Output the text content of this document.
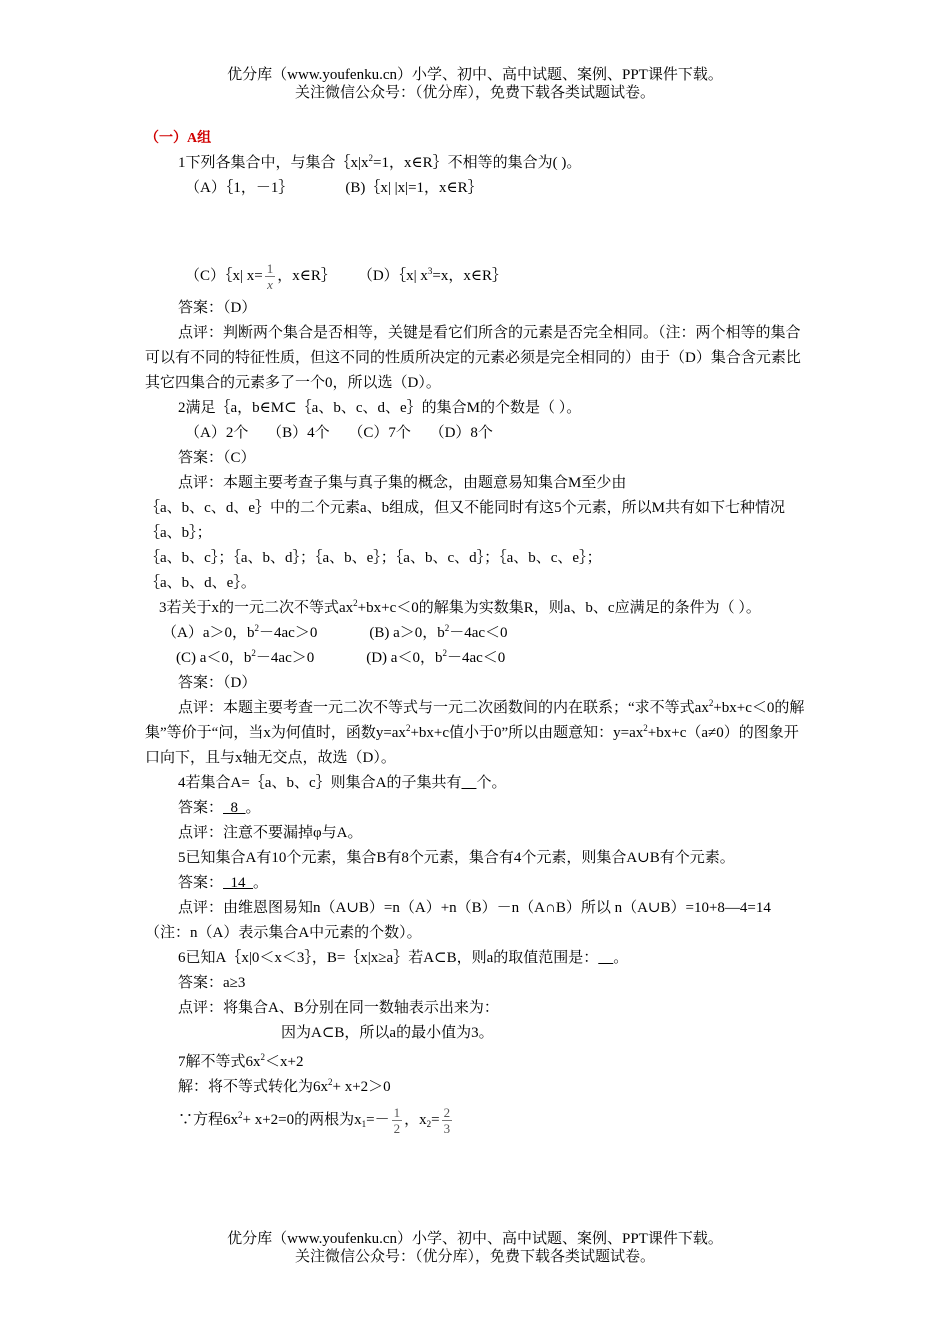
优分库（www.youfenku.cn）小学、初中、高中试题、案例、PPT课件下载。
关注微信公众号：（优分库），免费下载各类试题试卷。

（一）A组

1下列各集合中，与集合$\{x|x^2=1$，x∈R｝不相等的集合为( )。

（A）｛1，－1｝	(B)｛x| |x|=1，x∈R｝

（C）｛x| $x= \frac{1}{x}$ ，x∈R｝ （D）｛x| $x^3=x$，x∈R｝

答案：（D）

点评：判断两个集合是否相等，关键是看它们所含的元素是否完全相同。（注：两个相等的集合可以有不同的特征性质，但这不同的性质所决定的元素必须是完全相同的）由于（D）集合含元素比其它四集合的元素多了一个0，所以选（D）。

2满足｛a，b∈M⊂｛a、b、c、d、e｝的集合M的个数是（ ）。

（A）2个     （B）4个     （C）7个     （D）8个

答案：（C）

点评：本题主要考查子集与真子集的概念，由题意易知集合M至少由

｛a、b、c、d、e｝中的二个元素a、b组成，但又不能同时有这5个元素，所以M共有如下七种情况｛a、b｝；

｛a、b、c｝；｛a、b、d｝；｛a、b、e｝；｛a、b、c、d｝；｛a、b、c、e｝；

｛a、b、d、e｝。

3若关于x的一元二次不等式$ax^2+bx+c<0$的解集为实数集R，则a、b、c应满足的条件为（ ）。

（A）a＞0，$b^2-4ac>0$	(B) a＞0，$b^2-4ac<0$

(C) a＜0，$b^2-4ac>0$	(D) a＜0，$b^2-4ac<0$

答案：（D）

点评：本题主要考查一元二次不等式与一元二次函数间的内在联系；“求不等式$ax^2+bx+c<0$的解集”等价于“问，当x为何值时，函数$y=ax^2+bx+c$值小于0”所以由题意知：$y=ax^2+bx+c(a\ne 0)$的图象开口向下，且与x轴无交点，故选（D）。

4若集合A=｛a、b、c｝则集合A的子集共有 个。

答案：  8  。

点评：注意不要漏掉φ与A。

5已知集合A有10个元素，集合B有8个元素，集合有4个元素，则集合A∪B有个元素。

答案：  14  。

点评：由维恩图易知n（A∪B）=n（A）+n（B）－n（A∩B）所以 n（A∪B）=10+8—4=14 （注：n（A）表示集合A中元素的个数）。

6已知A｛x|0＜x＜3｝，B=｛x|x≥a｝若A⊂B，则a的取值范围是： 。

答案：a≥3

点评：将集合A、B分别在同一数轴表示出来为：

因为A⊂B，所以a的最小值为3。

7解不等式$6x^2<x+2$

解：将不等式转化为$6x^2+ x+2>0$

∵方程$6x^2+ x+2=0$的两根为$x_1=- \frac{1}{2}$ ，$x_2= \frac{2}{3}$

优分库（www.youfenku.cn）小学、初中、高中试题、案例、PPT课件下载。
关注微信公众号：（优分库），免费下载各类试题试卷。
